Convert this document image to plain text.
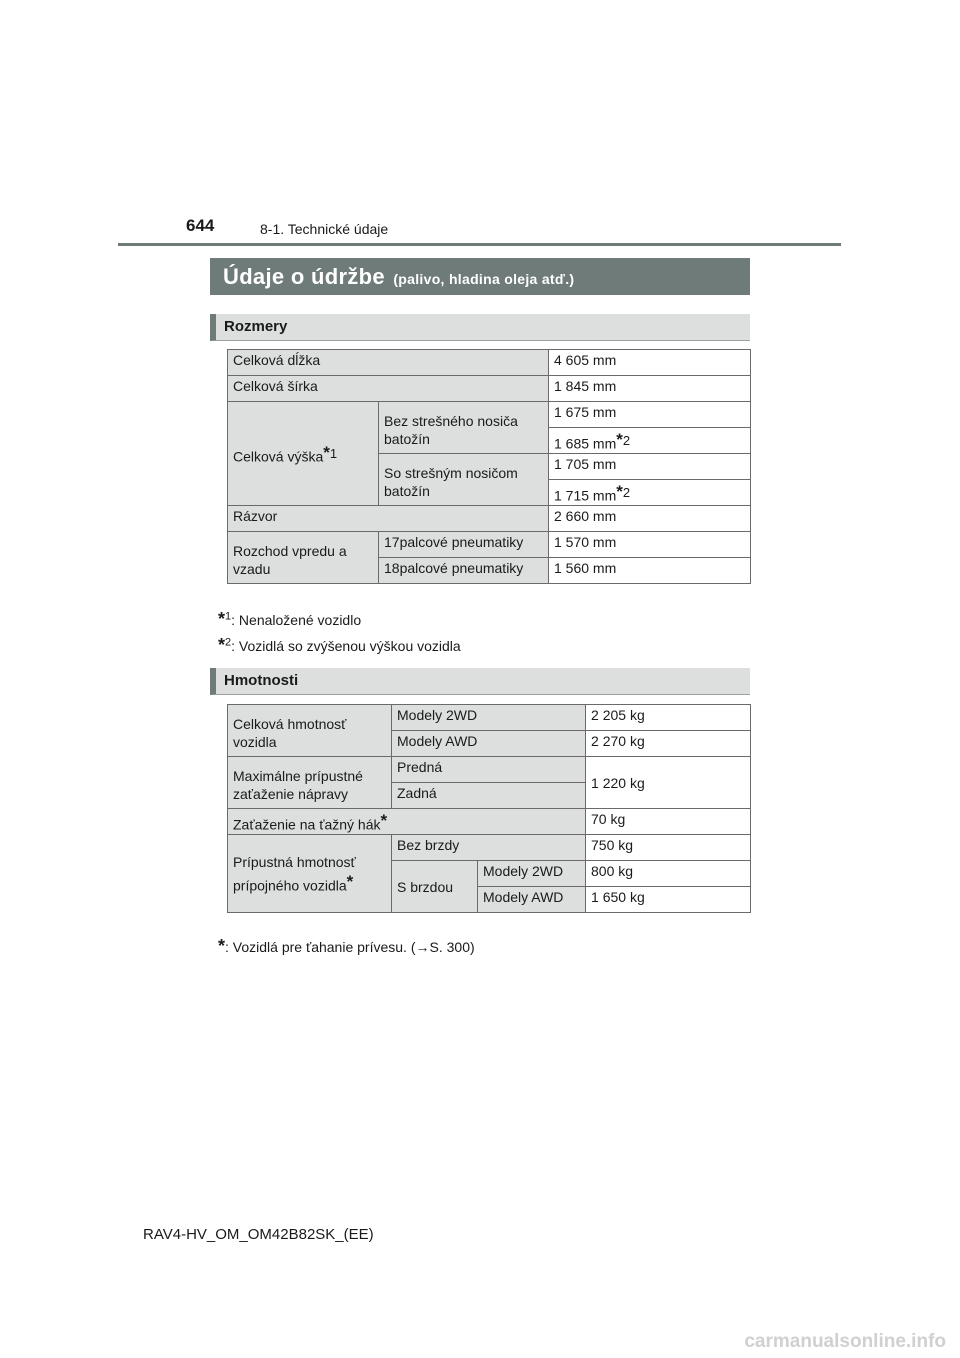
644	8-1. Technické údaje
Údaje o údržbe (palivo, hladina oleja atď.)
Rozmery
Celková dĺžka		4 605 mm
Celková šírka		1 845 mm
Celková výška$^{*1}$	Bez strešného nosiča batožín	1 675 mm
		1 685 $mm^{*2}$
	So strešným nosičom batožín	1 705 mm
		1 715 $mm^{*2}$
Rázvor		2 660 mm
Rozchod vpredu a vzadu	17palcové pneumatiky	1 570 mm
	18palcové pneumatiky	1 560 mm
*$^1$: Nenaložené vozidlo
*$^2$: Vozidlá so zvýšenou výškou vozidla
Hmotnosti
Celková hmotnosť vozidla	Modely 2WD		2 205 kg
	Modely AWD		2 270 kg
Maximálne prípustné zaťaženie nápravy	Predná		1 220 kg
	Zadná		
Zaťaženie na ťažný hák*			70 kg
Prípustná hmotnosť prípojného vozidla*	Bez brzdy		750 kg
	S brzdou	Modely 2WD	800 kg
		Modely AWD	1 650 kg
*: Vozidlá pre ťahanie prívesu. (→S. 300)
RAV4-HV_OM_OM42B82SK_(EE)
carmanualsonline.info
